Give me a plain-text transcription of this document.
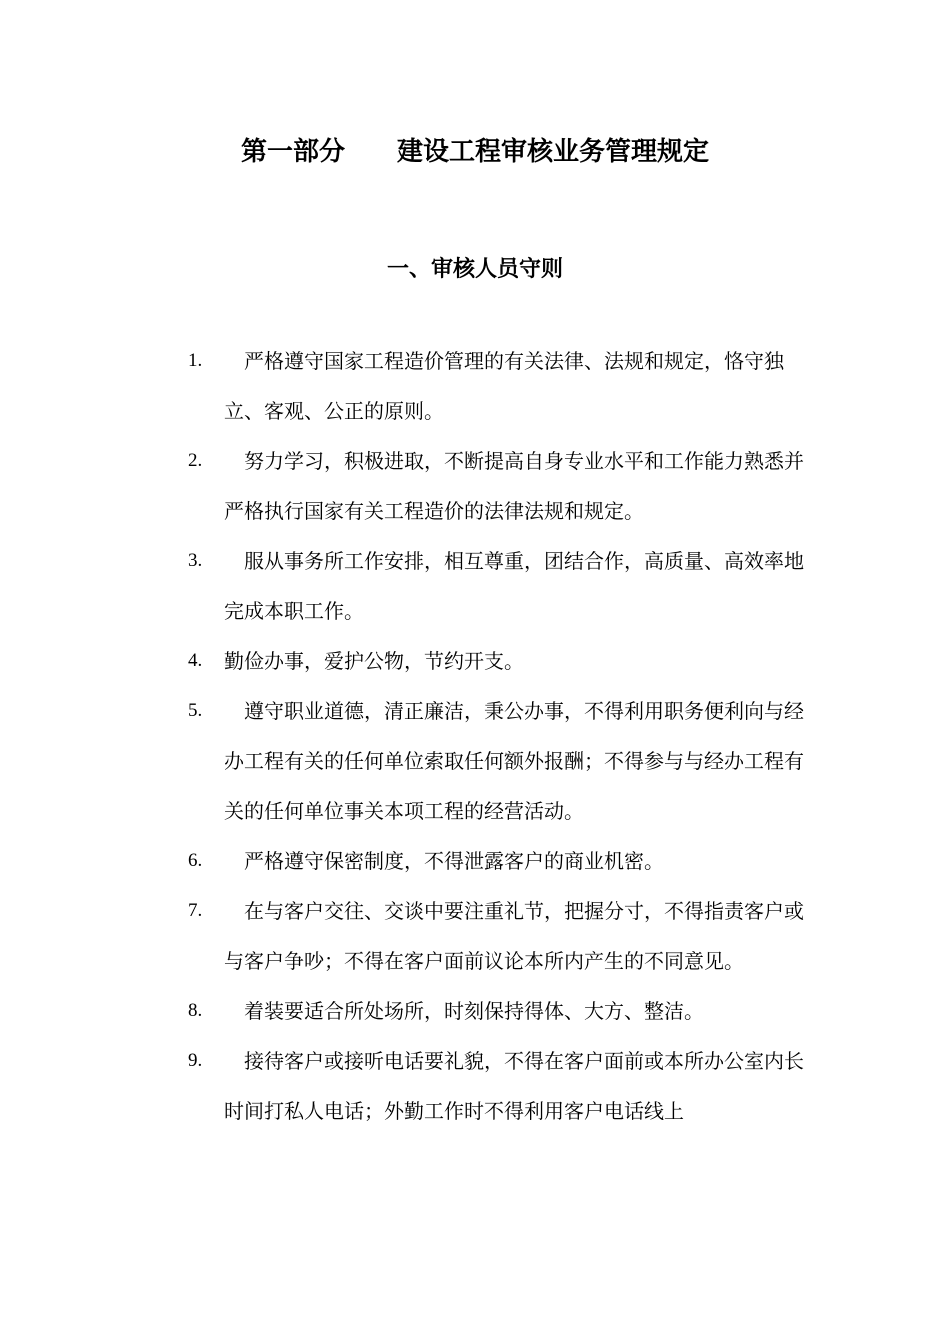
第一部分　　建设工程审核业务管理规定
一、审核人员守则
1.	严格遵守国家工程造价管理的有关法律、法规和规定，恪守独立、客观、公正的原则。
2.	努力学习，积极进取，不断提高自身专业水平和工作能力熟悉并严格执行国家有关工程造价的法律法规和规定。
3.	服从事务所工作安排，相互尊重，团结合作，高质量、高效率地完成本职工作。
4.	勤俭办事，爱护公物，节约开支。
5.	遵守职业道德，清正廉洁，秉公办事，不得利用职务便利向与经办工程有关的任何单位索取任何额外报酬；不得参与与经办工程有关的任何单位事关本项工程的经营活动。
6.	严格遵守保密制度，不得泄露客户的商业机密。
7.	在与客户交往、交谈中要注重礼节，把握分寸，不得指责客户或与客户争吵；不得在客户面前议论本所内产生的不同意见。
8.	着装要适合所处场所，时刻保持得体、大方、整洁。
9.	接待客户或接听电话要礼貌，不得在客户面前或本所办公室内长时间打私人电话；外勤工作时不得利用客户电话线上
